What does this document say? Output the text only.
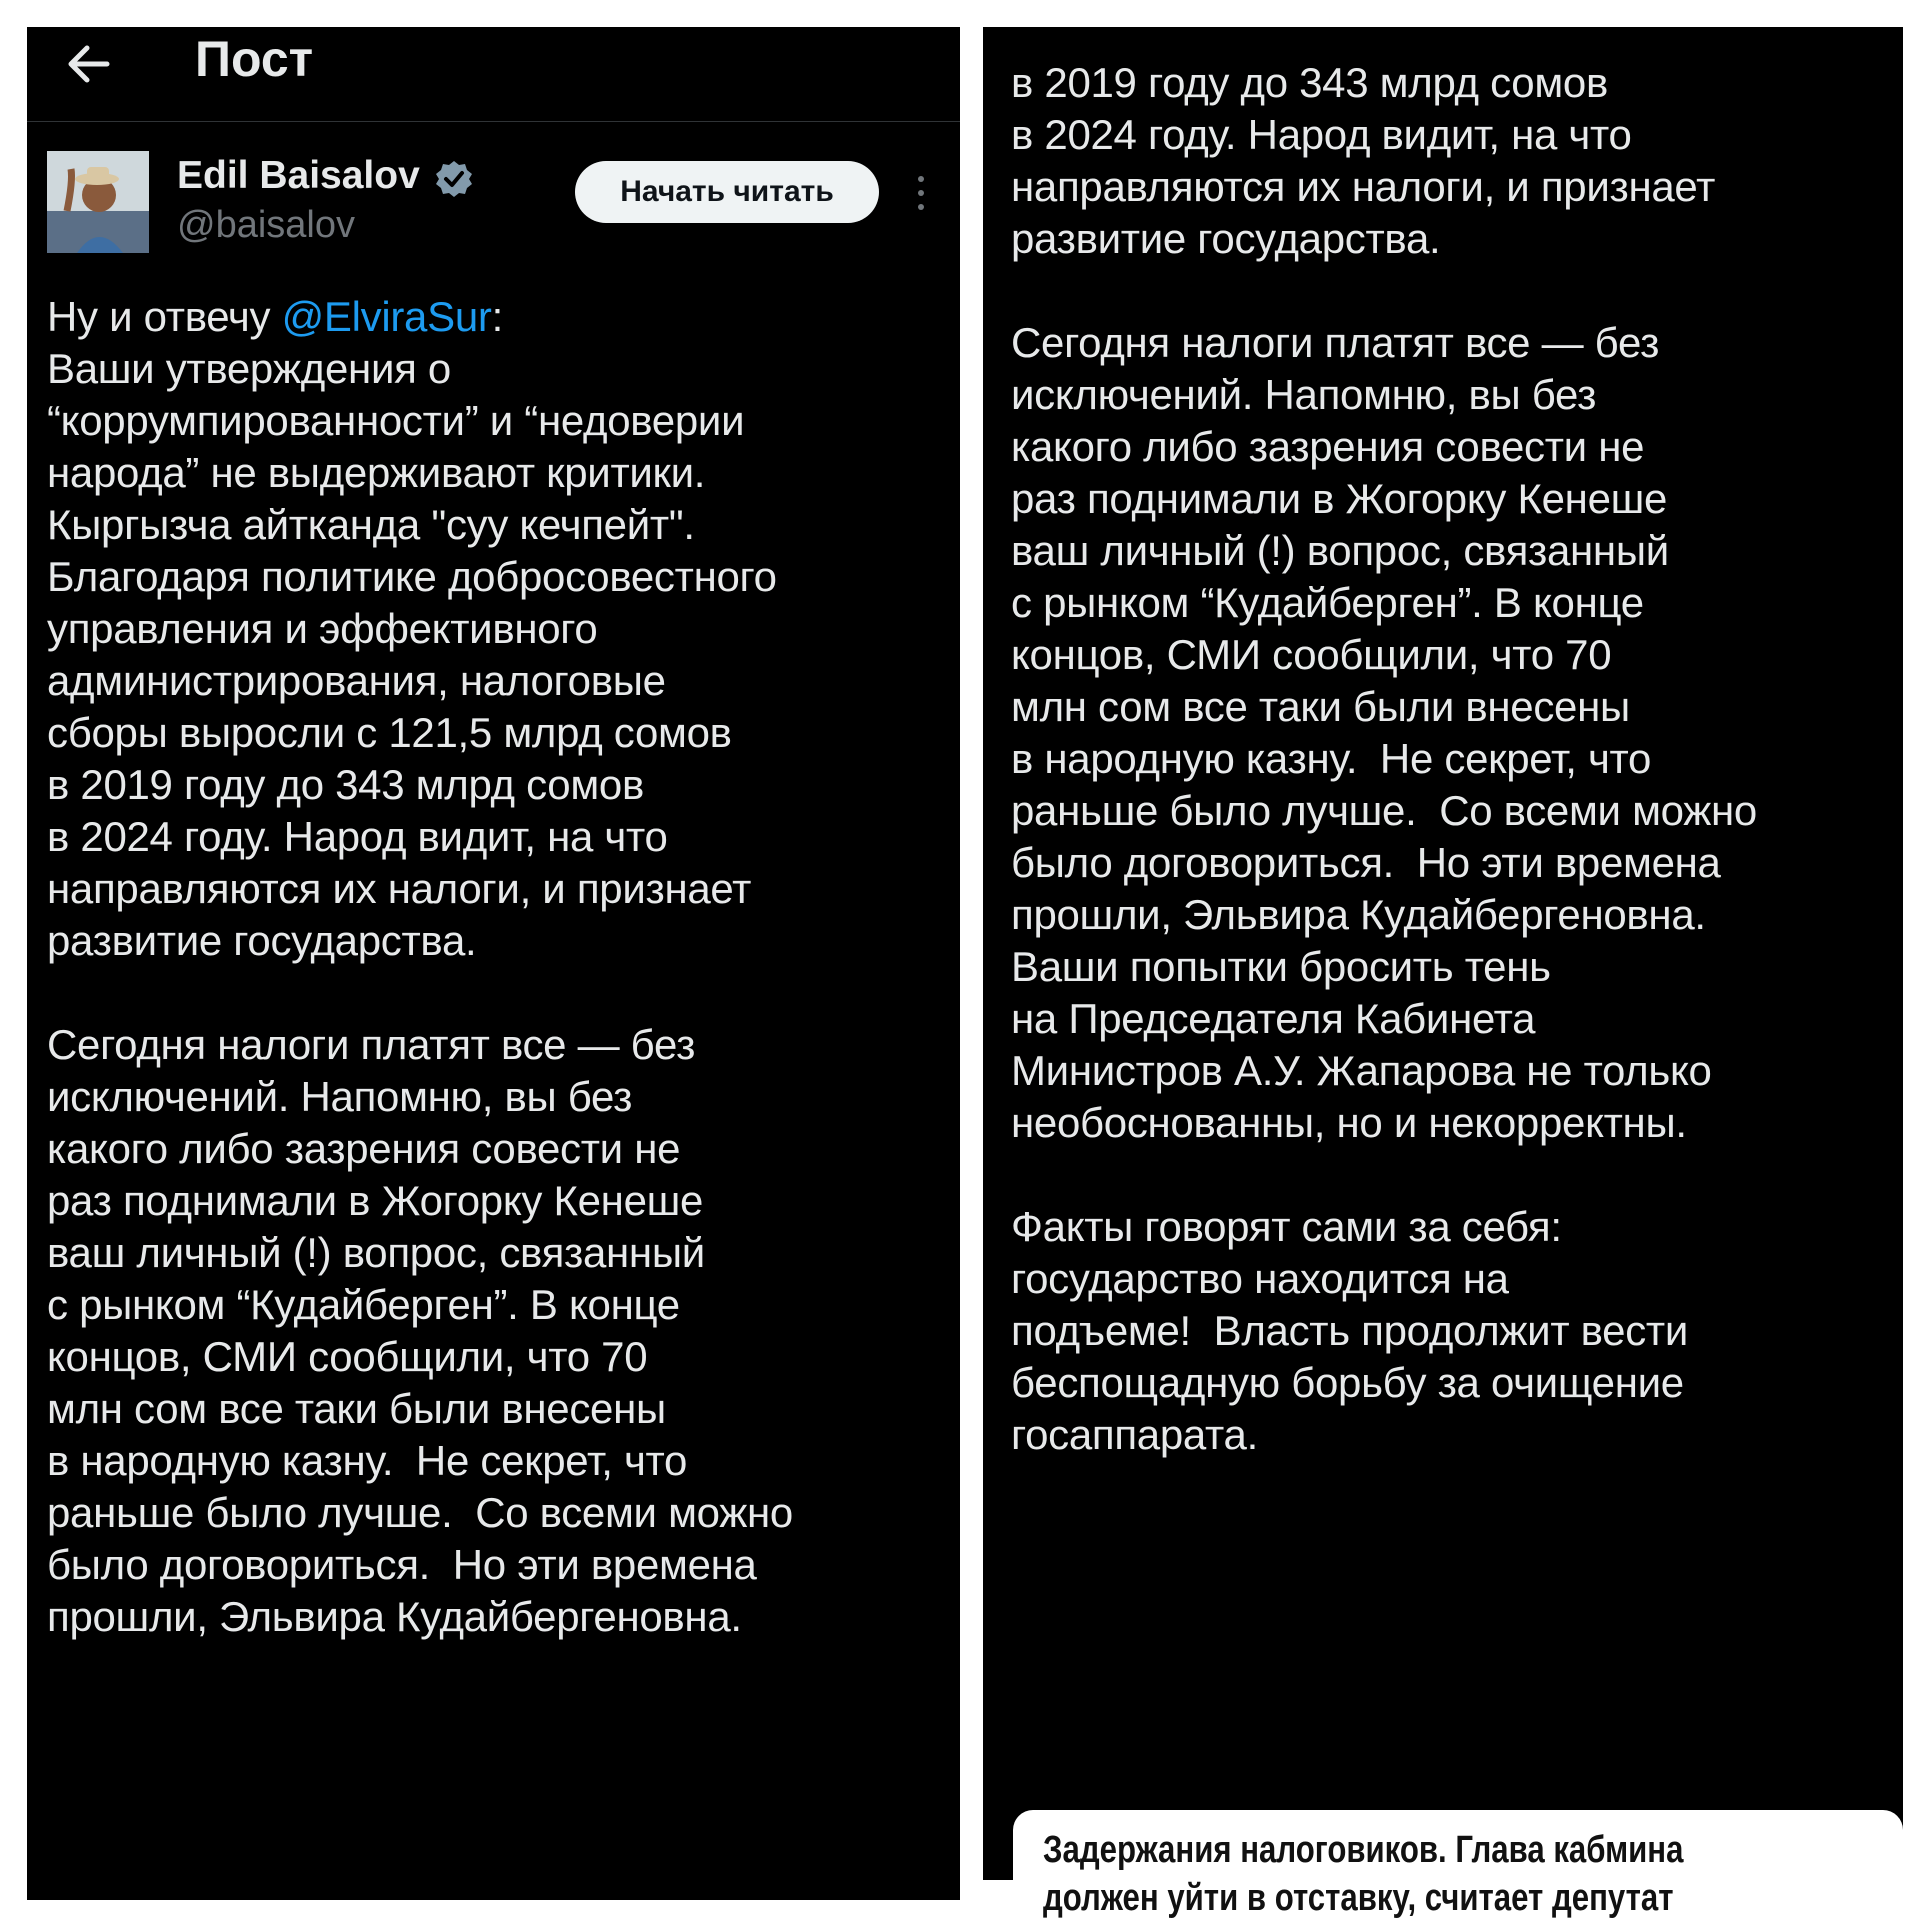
Пост
Edil Baisalov
@baisalov
Начать читать
Ну и отвечу @ElviraSur:
Ваши утверждения о
“коррумпированности” и “недоверии
народа” не выдерживают критики.
Кыргызча айтканда "суу кечпейт".
Благодаря политике добросовестного
управления и эффективного
администрирования, налоговые
сборы выросли с 121,5 млрд сомов
в 2019 году до 343 млрд сомов
в 2024 году. Народ видит, на что
направляются их налоги, и признает
развитие государства.

Сегодня налоги платят все — без
исключений. Напомню, вы без
какого либо зазрения совести не
раз поднимали в Жогорку Кенеше
ваш личный (!) вопрос, связанный
с рынком “Кудайберген”. В конце
концов, СМИ сообщили, что 70
млн сом все таки были внесены
в народную казну.  Не секрет, что
раньше было лучше.  Со всеми можно
было договориться.  Но эти времена
прошли, Эльвира Кудайбергеновна.
в 2019 году до 343 млрд сомов
в 2024 году. Народ видит, на что
направляются их налоги, и признает
развитие государства.

Сегодня налоги платят все — без
исключений. Напомню, вы без
какого либо зазрения совести не
раз поднимали в Жогорку Кенеше
ваш личный (!) вопрос, связанный
с рынком “Кудайберген”. В конце
концов, СМИ сообщили, что 70
млн сом все таки были внесены
в народную казну.  Не секрет, что
раньше было лучше.  Со всеми можно
было договориться.  Но эти времена
прошли, Эльвира Кудайбергеновна.
Ваши попытки бросить тень
на Председателя Кабинета
Министров А.У. Жапарова не только
необоснованны, но и некорректны.

Факты говорят сами за себя:
государство находится на
подъеме!  Власть продолжит вести
беспощадную борьбу за очищение
госаппарата.
Задержания налоговиков. Глава кабмина
должен уйти в отставку, считает депутат
